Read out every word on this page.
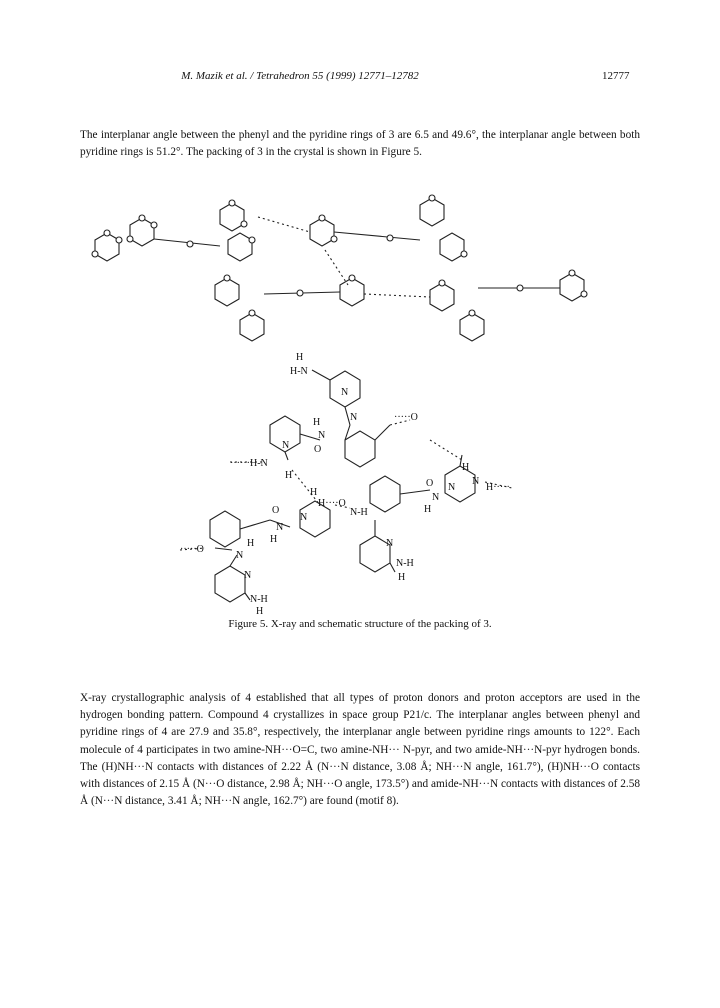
M. Mazik et al. / Tetrahedron 55 (1999) 12771–12782	12777
The interplanar angle between the phenyl and the pyridine rings of 3 are 6.5 and 49.6°, the interplanar angle between both pyridine rings is 51.2°. The packing of 3 in the crystal is shown in Figure 5.
H
H-N
N
N	·····O
H
N
N O
······H-N
H
H
N
H·····
O
N
N
H
H
H····O
N-H
N
O
N
H
·····O
N
H
N
N-H
H
N
N-H
H
Figure 5. X-ray and schematic structure of the packing of 3.
X-ray crystallographic analysis of 4 established that all types of proton donors and proton acceptors are used in the hydrogen bonding pattern. Compound 4 crystallizes in space group P21/c. The interplanar angles between phenyl and pyridine rings of 4 are 27.9 and 35.8°, respectively, the interplanar angle between pyridine rings amounts to 122°. Each molecule of 4 participates in two amine-NH···O=C, two amine-NH··· N-pyr, and two amide-NH···N-pyr hydrogen bonds. The (H)NH···N contacts with distances of 2.22 Å (N···N distance, 3.08 Å; NH···N angle, 161.7°), (H)NH···O contacts with distances of 2.15 Å (N···O distance, 2.98 Å; NH···O angle, 173.5°) and amide-NH···N contacts with distances of 2.58 Å (N···N distance, 3.41 Å; NH···N angle, 162.7°) are found (motif 8).
